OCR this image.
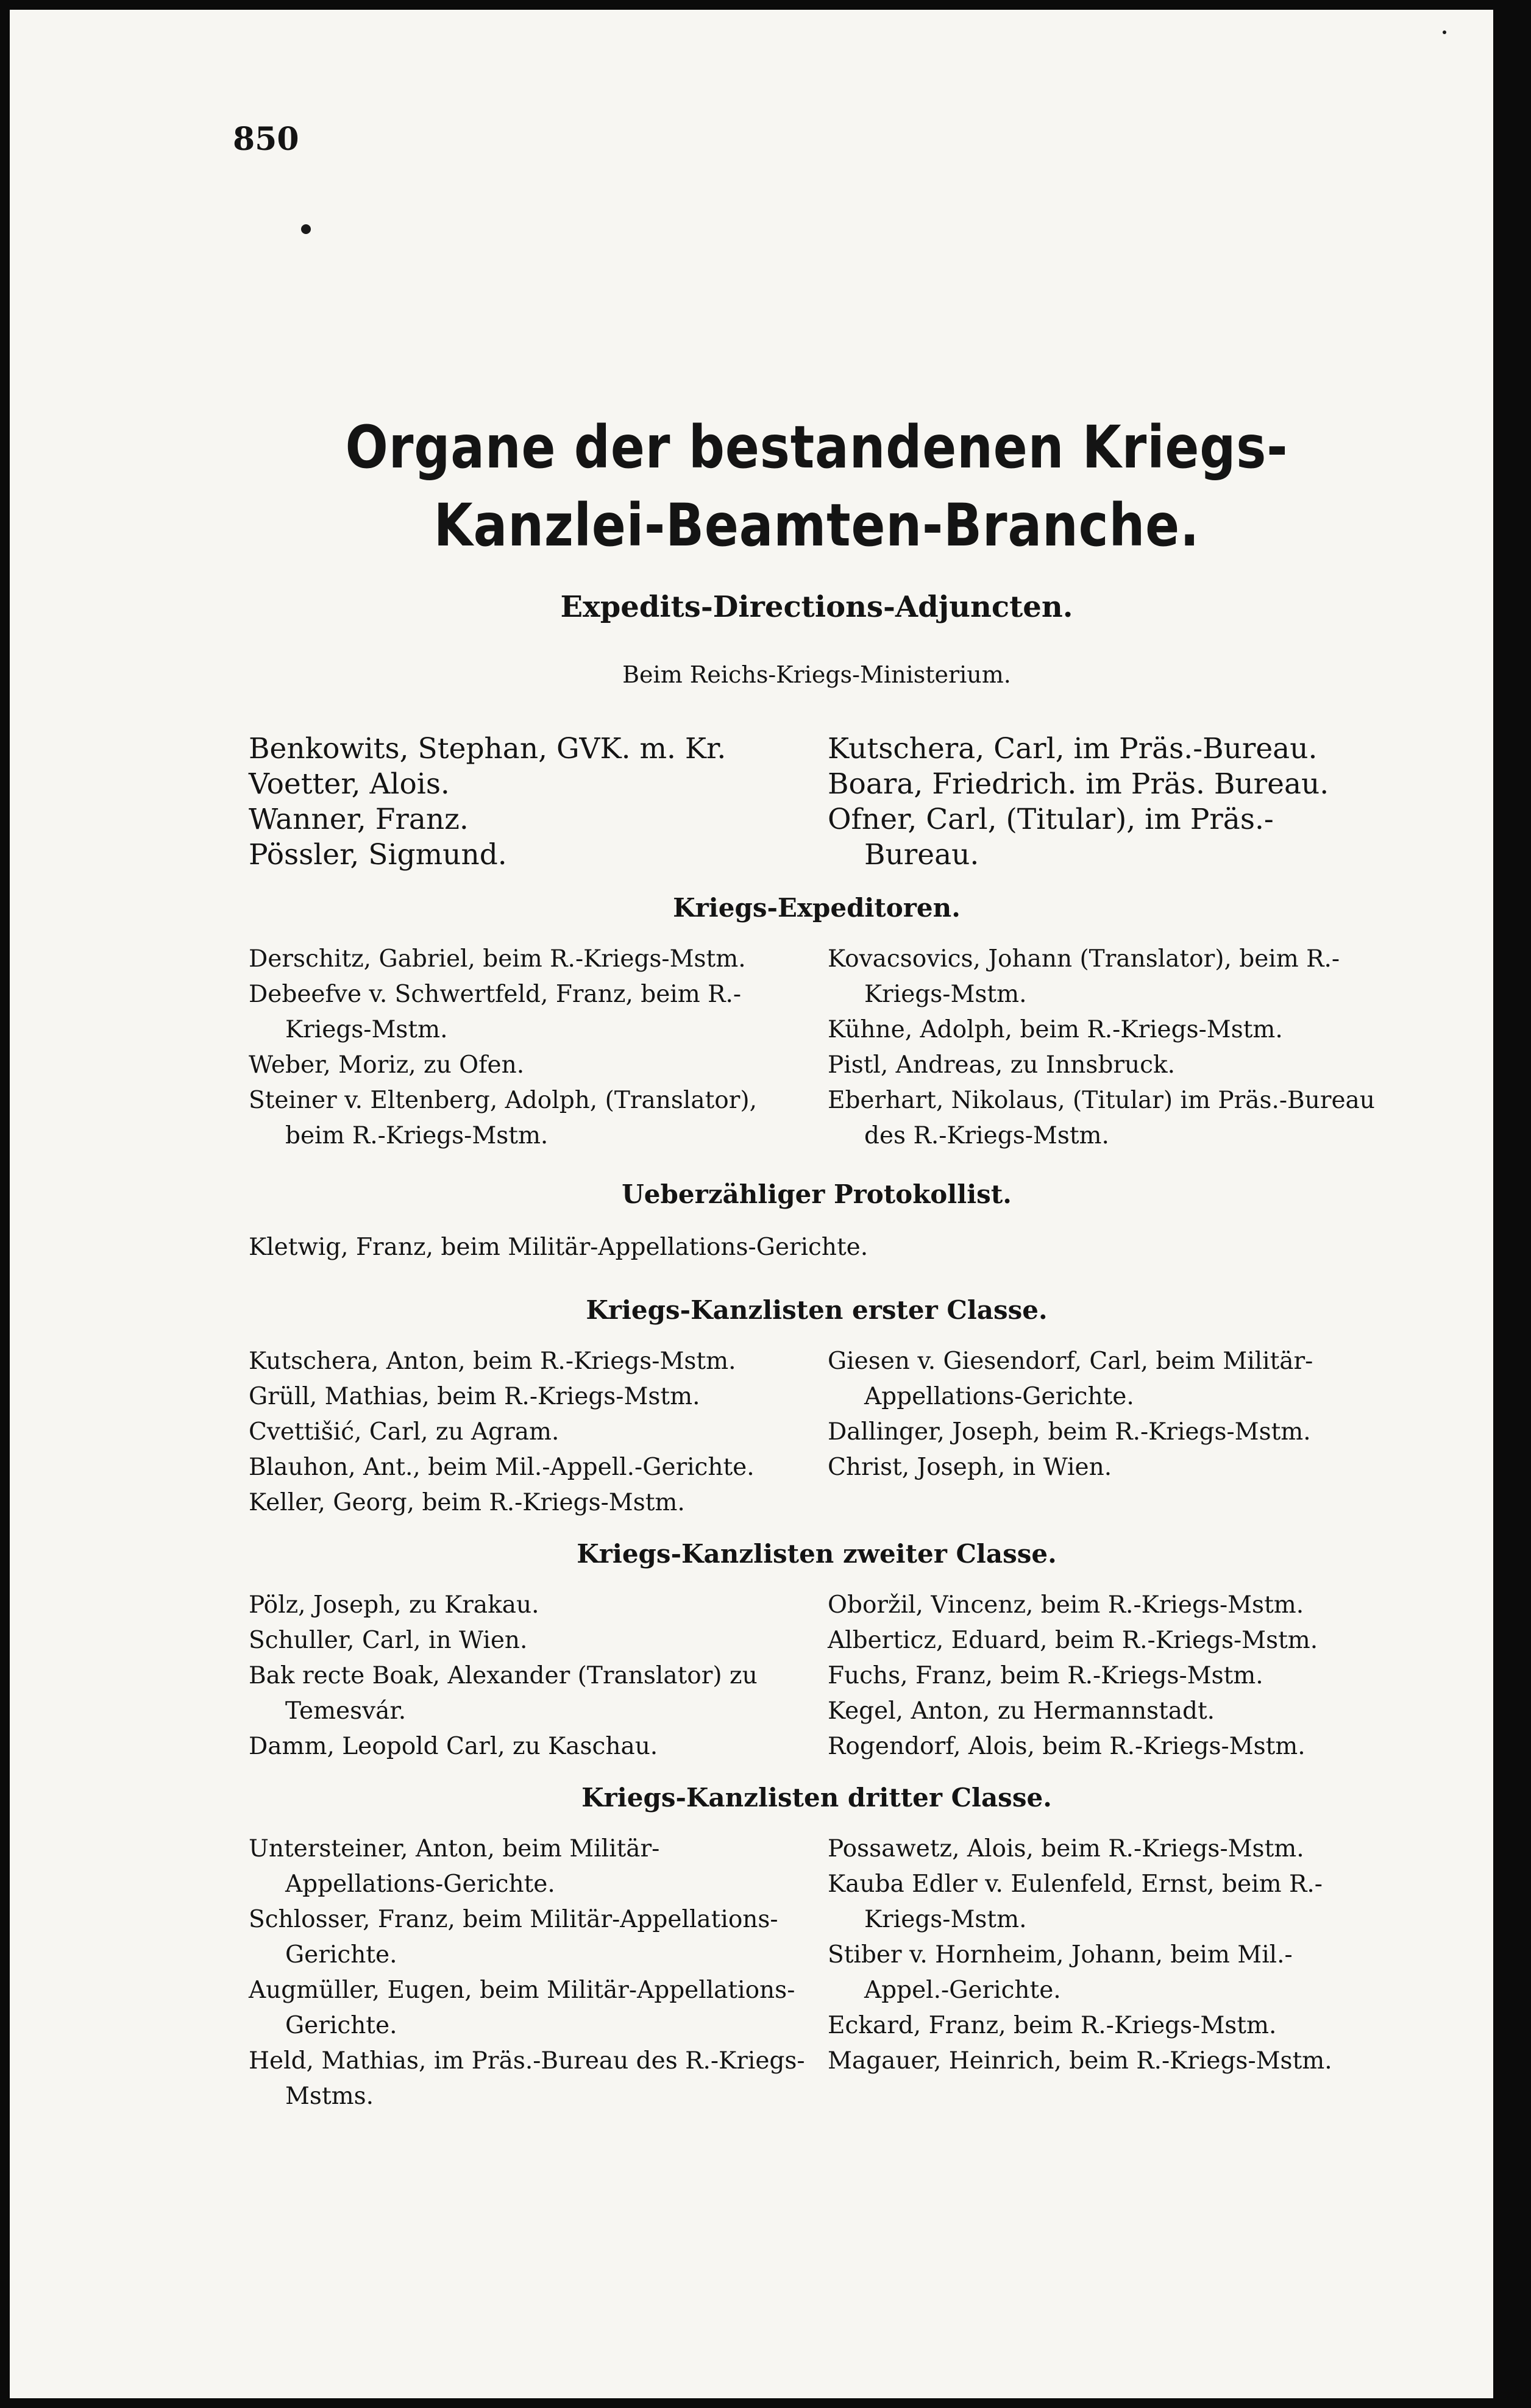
850
Organe der bestandenen Kriegs-Kanzlei-Beamten-Branche.
Expedits-Directions-Adjuncten.
Beim Reichs-Kriegs-Ministerium.
Benkowits, Stephan, GVK. m. Kr.
Voetter, Alois.
Wanner, Franz.
Pössler, Sigmund.
Kutschera, Carl, im Präs.-Bureau.
Boara, Friedrich. im Präs. Bureau.
Ofner, Carl, (Titular), im Präs.-Bureau.
Kriegs-Expeditoren.
Derschitz, Gabriel, beim R.-Kriegs-Mstm.
Debeefve v. Schwertfeld, Franz, beim R.-Kriegs-Mstm.
Weber, Moriz, zu Ofen.
Steiner v. Eltenberg, Adolph, (Translator), beim R.-Kriegs-Mstm.
Kovacsovics, Johann (Translator), beim R.-Kriegs-Mstm.
Kühne, Adolph, beim R.-Kriegs-Mstm.
Pistl, Andreas, zu Innsbruck.
Eberhart, Nikolaus, (Titular) im Präs.-Bureau des R.-Kriegs-Mstm.
Ueberzähliger Protokollist.
Kletwig, Franz, beim Militär-Appellations-Gerichte.
Kriegs-Kanzlisten erster Classe.
Kutschera, Anton, beim R.-Kriegs-Mstm.
Grüll, Mathias, beim R.-Kriegs-Mstm.
Cvettišić, Carl, zu Agram.
Blauhon, Ant., beim Mil.-Appell.-Gerichte.
Keller, Georg, beim R.-Kriegs-Mstm.
Giesen v. Giesendorf, Carl, beim Militär-Appellations-Gerichte.
Dallinger, Joseph, beim R.-Kriegs-Mstm.
Christ, Joseph, in Wien.
Kriegs-Kanzlisten zweiter Classe.
Pölz, Joseph, zu Krakau.
Schuller, Carl, in Wien.
Bak recte Boak, Alexander (Translator) zu Temesvár.
Damm, Leopold Carl, zu Kaschau.
Oboržil, Vincenz, beim R.-Kriegs-Mstm.
Alberticz, Eduard, beim R.-Kriegs-Mstm.
Fuchs, Franz, beim R.-Kriegs-Mstm.
Kegel, Anton, zu Hermannstadt.
Rogendorf, Alois, beim R.-Kriegs-Mstm.
Kriegs-Kanzlisten dritter Classe.
Untersteiner, Anton, beim Militär-Appellations-Gerichte.
Schlosser, Franz, beim Militär-Appellations-Gerichte.
Augmüller, Eugen, beim Militär-Appellations-Gerichte.
Held, Mathias, im Präs.-Bureau des R.-Kriegs-Mstms.
Possawetz, Alois, beim R.-Kriegs-Mstm.
Kauba Edler v. Eulenfeld, Ernst, beim R.-Kriegs-Mstm.
Stiber v. Hornheim, Johann, beim Mil.-Appel.-Gerichte.
Eckard, Franz, beim R.-Kriegs-Mstm.
Magauer, Heinrich, beim R.-Kriegs-Mstm.
